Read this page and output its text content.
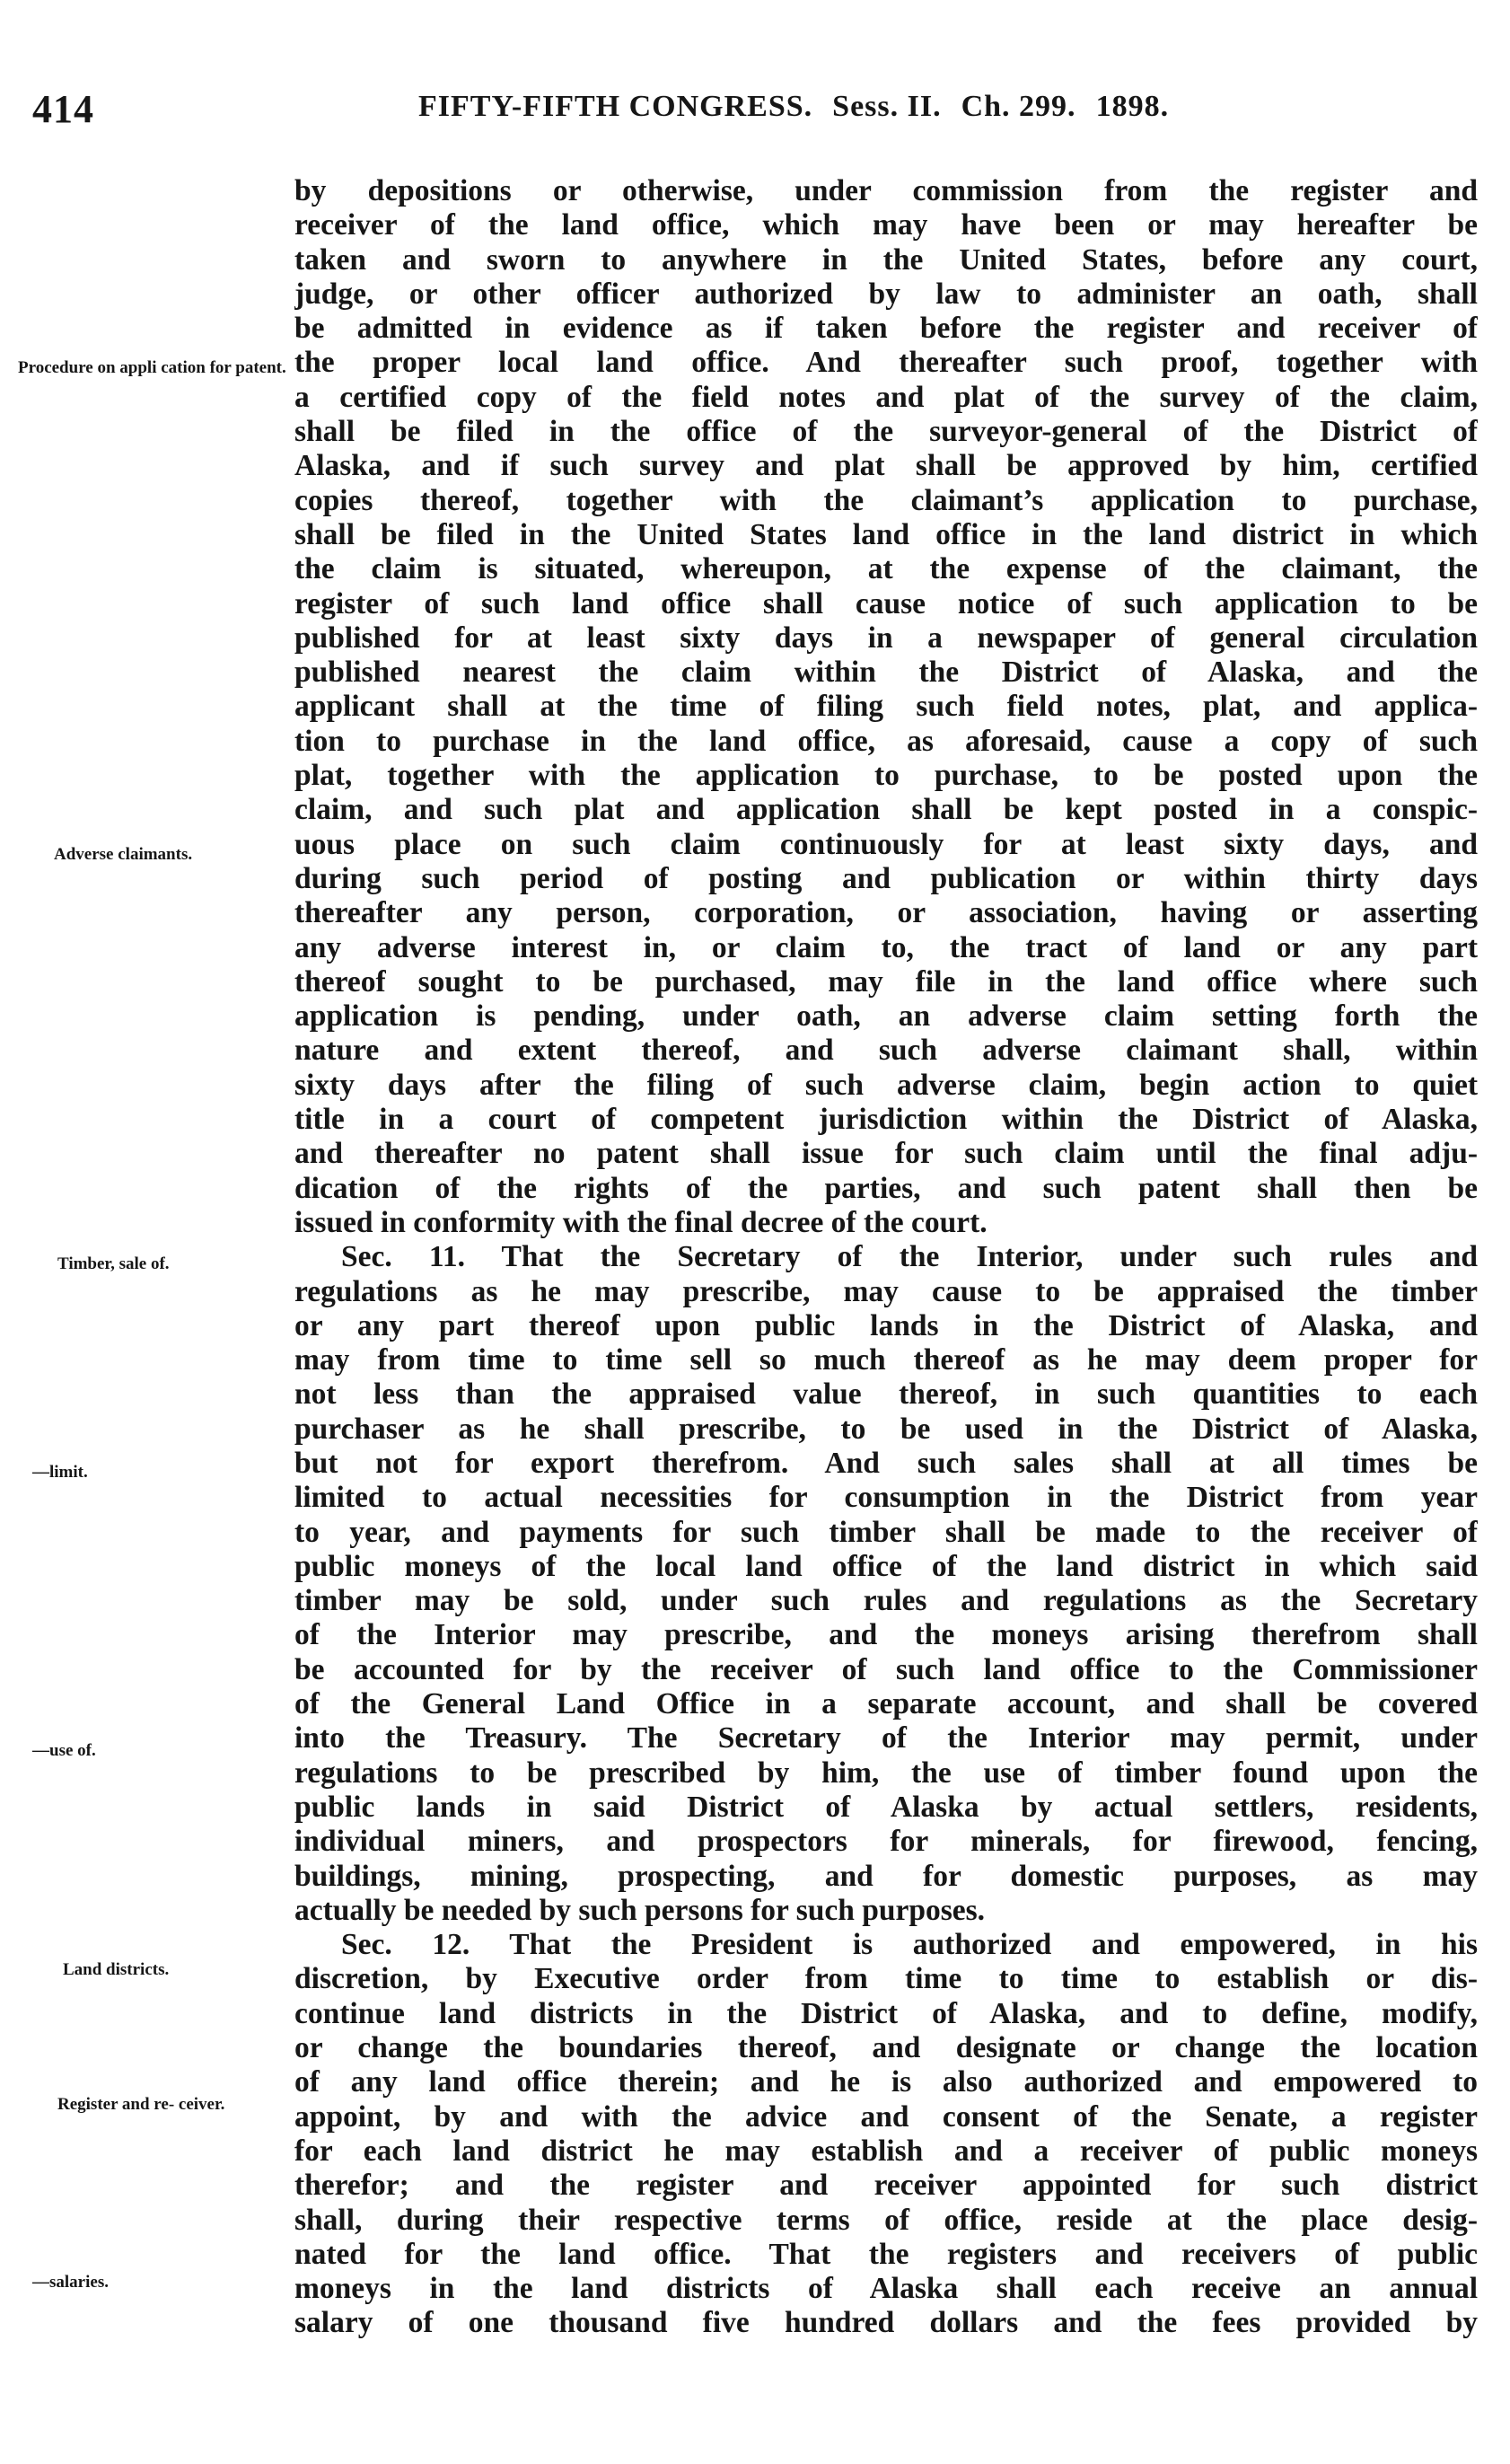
414	FIFTY-FIFTH CONGRESS. Sess. II. Ch. 299. 1898.
Procedure on appli cation for patent.
Adverse claimants.
Timber, sale of.
—limit.
—use of.
Land districts.
Register and re- ceiver.
—salaries.
by depositions or otherwise, under commission from the register and
receiver of the land office, which may have been or may hereafter be
taken and sworn to anywhere in the United States, before any court,
judge, or other officer authorized by law to administer an oath, shall
be admitted in evidence as if taken before the register and receiver of
the proper local land office. And thereafter such proof, together with
a certified copy of the field notes and plat of the survey of the claim,
shall be filed in the office of the surveyor-general of the District of
Alaska, and if such survey and plat shall be approved by him, certified
copies thereof, together with the claimant’s application to purchase,
shall be filed in the United States land office in the land district in which
the claim is situated, whereupon, at the expense of the claimant, the
register of such land office shall cause notice of such application to be
published for at least sixty days in a newspaper of general circulation
published nearest the claim within the District of Alaska, and the
applicant shall at the time of filing such field notes, plat, and applica-
tion to purchase in the land office, as aforesaid, cause a copy of such
plat, together with the application to purchase, to be posted upon the
claim, and such plat and application shall be kept posted in a conspic-
uous place on such claim continuously for at least sixty days, and
during such period of posting and publication or within thirty days
thereafter any person, corporation, or association, having or asserting
any adverse interest in, or claim to, the tract of land or any part
thereof sought to be purchased, may file in the land office where such
application is pending, under oath, an adverse claim setting forth the
nature and extent thereof, and such adverse claimant shall, within
sixty days after the filing of such adverse claim, begin action to quiet
title in a court of competent jurisdiction within the District of Alaska,
and thereafter no patent shall issue for such claim until the final adju-
dication of the rights of the parties, and such patent shall then be
issued in conformity with the final decree of the court.
Sec. 11. That the Secretary of the Interior, under such rules and
regulations as he may prescribe, may cause to be appraised the timber
or any part thereof upon public lands in the District of Alaska, and
may from time to time sell so much thereof as he may deem proper for
not less than the appraised value thereof, in such quantities to each
purchaser as he shall prescribe, to be used in the District of Alaska,
but not for export therefrom. And such sales shall at all times be
limited to actual necessities for consumption in the District from year
to year, and payments for such timber shall be made to the receiver of
public moneys of the local land office of the land district in which said
timber may be sold, under such rules and regulations as the Secretary
of the Interior may prescribe, and the moneys arising therefrom shall
be accounted for by the receiver of such land office to the Commissioner
of the General Land Office in a separate account, and shall be covered
into the Treasury. The Secretary of the Interior may permit, under
regulations to be prescribed by him, the use of timber found upon the
public lands in said District of Alaska by actual settlers, residents,
individual miners, and prospectors for minerals, for firewood, fencing,
buildings, mining, prospecting, and for domestic purposes, as may
actually be needed by such persons for such purposes.
Sec. 12. That the President is authorized and empowered, in his
discretion, by Executive order from time to time to establish or dis-
continue land districts in the District of Alaska, and to define, modify,
or change the boundaries thereof, and designate or change the location
of any land office therein; and he is also authorized and empowered to
appoint, by and with the advice and consent of the Senate, a register
for each land district he may establish and a receiver of public moneys
therefor; and the register and receiver appointed for such district
shall, during their respective terms of office, reside at the place desig-
nated for the land office. That the registers and receivers of public
moneys in the land districts of Alaska shall each receive an annual
salary of one thousand five hundred dollars and the fees provided by
